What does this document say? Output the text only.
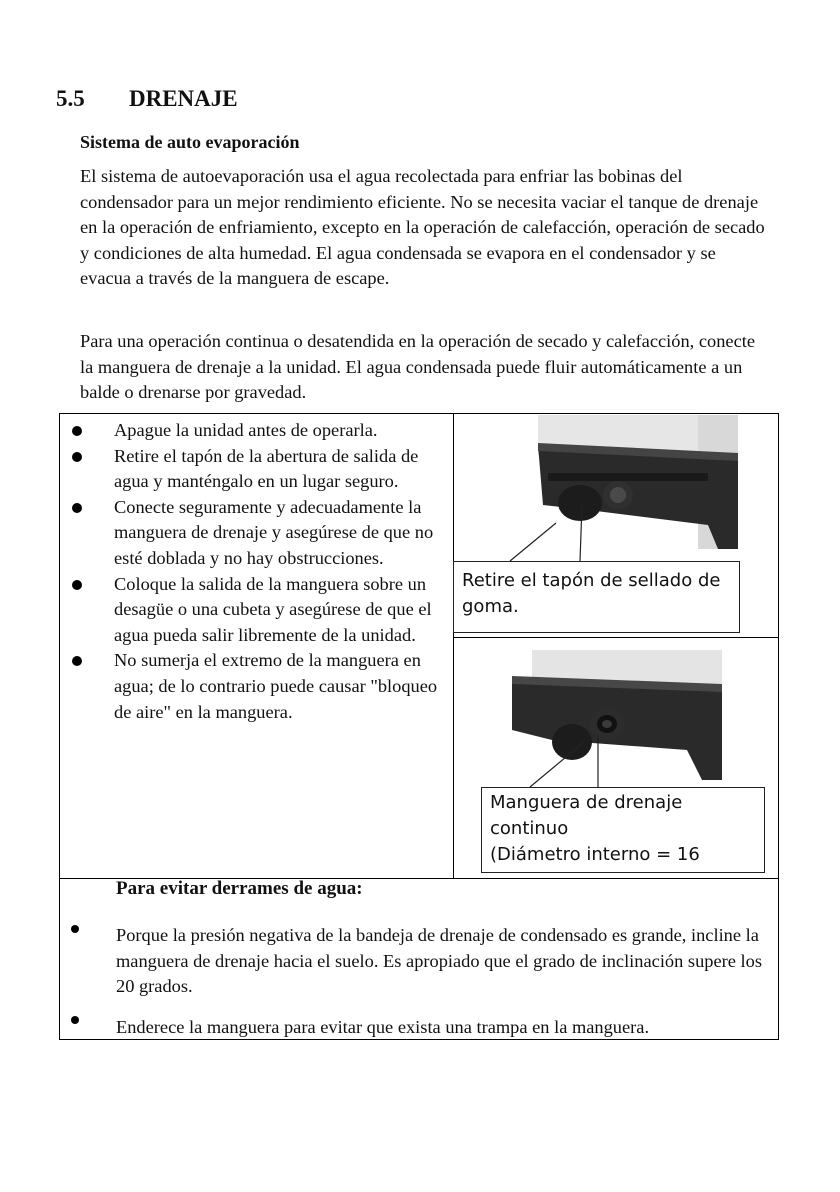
5.5 DRENAJE
Sistema de auto evaporación

El sistema de autoevaporación usa el agua recolectada para enfriar las bobinas del condensador para un mejor rendimiento eficiente. No se necesita vaciar el tanque de drenaje en la operación de enfriamiento, excepto en la operación de calefacción, operación de secado y condiciones de alta humedad. El agua condensada se evapora en el condensador y se evacua a través de la manguera de escape.

Para una operación continua o desatendida en la operación de secado y calefacción, conecte la manguera de drenaje a la unidad. El agua condensada puede fluir automáticamente a un balde o drenarse por gravedad.

Apague la unidad antes de operarla.
Retire el tapón de la abertura de salida de agua y manténgalo en un lugar seguro.
Conecte seguramente y adecuadamente la manguera de drenaje y asegúrese de que no esté doblada y no hay obstrucciones.
Coloque la salida de la manguera sobre un desagüe o una cubeta y asegúrese de que el agua pueda salir libremente de la unidad.
No sumerja el extremo de la manguera en agua; de lo contrario puede causar "bloqueo de aire" en la manguera.
Retire el tapón de sellado de goma.
Manguera de drenaje
continuo
(Diámetro interno = 16
Para evitar derrames de agua:

Porque la presión negativa de la bandeja de drenaje de condensado es grande, incline la manguera de drenaje hacia el suelo. Es apropiado que el grado de inclinación supere los 20 grados.

Enderece la manguera para evitar que exista una trampa en la manguera.
